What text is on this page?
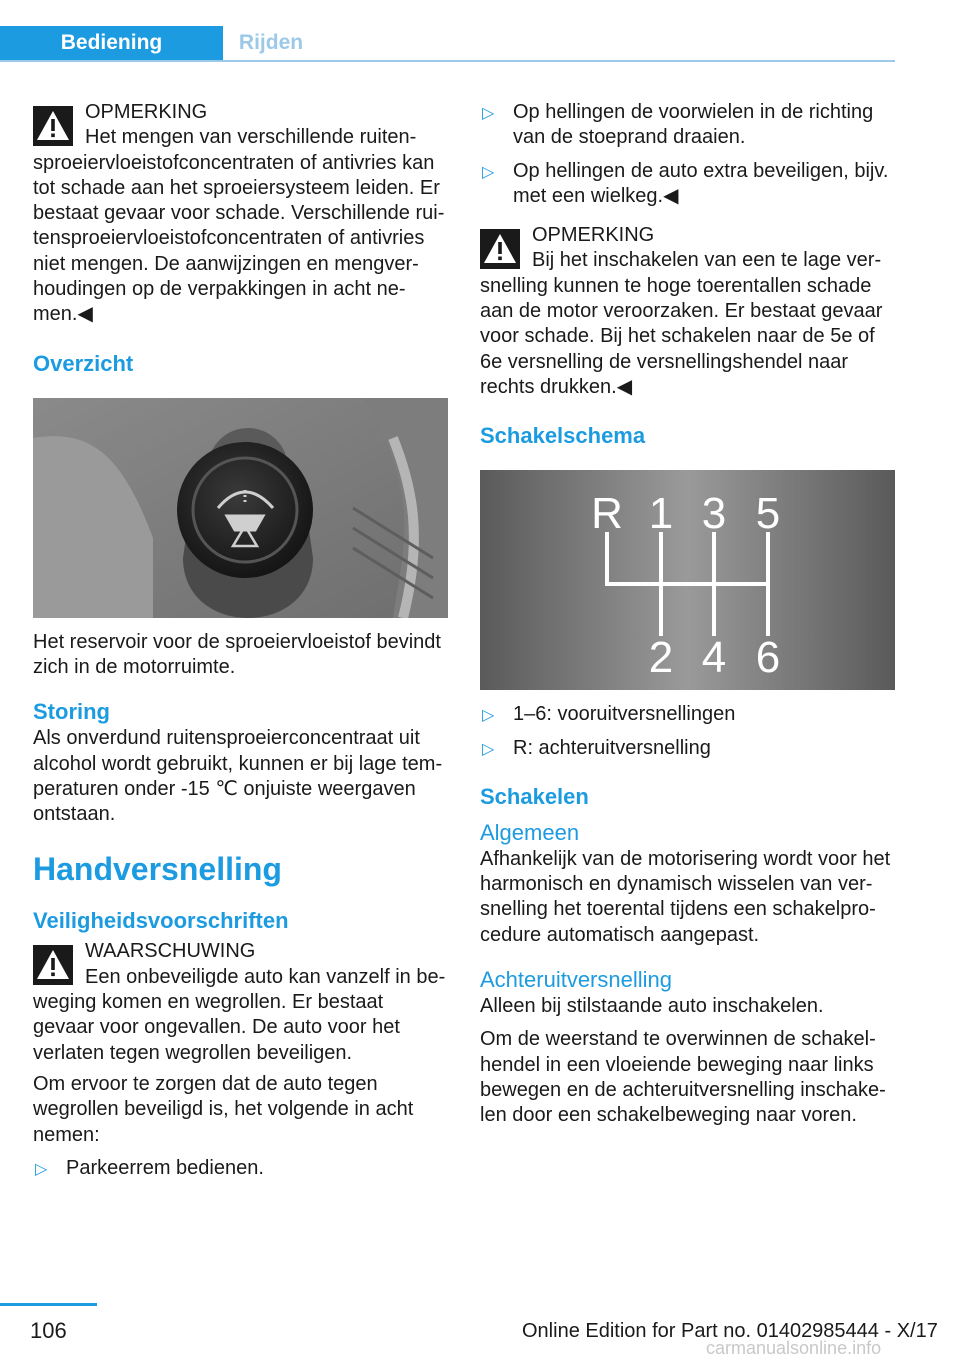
Bediening	Rijden
OPMERKING
Het mengen van verschillende ruitensproeiervloeistofconcentraten of antivries kan tot schade aan het sproeiersysteem leiden. Er bestaat gevaar voor schade. Verschillende ruitensproeiervloeistofconcentraten of antivries niet mengen. De aanwijzingen en mengverhoudingen op de verpakkingen in acht nemen.◀
Overzicht

Het reservoir voor de sproeiervloeistof bevindt zich in de motorruimte.

Storing

Als onverdund ruitensproeierconcentraat uit alcohol wordt gebruikt, kunnen er bij lage temperaturen onder -15 ℃ onjuiste weergaven ontstaan.

Handversnelling
Veiligheidsvoorschriften
WAARSCHUWING
Een onbeveiligde auto kan vanzelf in beweging komen en wegrollen. Er bestaat gevaar voor ongevallen. De auto voor het verlaten tegen wegrollen beveiligen.

Om ervoor te zorgen dat de auto tegen wegrollen beveiligd is, het volgende in acht nemen:

▷ Parkeerrem bedienen.
▷ Op hellingen de voorwielen in de richting van de stoeprand draaien.
▷ Op hellingen de auto extra beveiligen, bijv. met een wielkeg.◀
OPMERKING
Bij het inschakelen van een te lage versnelling kunnen te hoge toerentallen schade aan de motor veroorzaken. Er bestaat gevaar voor schade. Bij het schakelen naar de 5e of 6e versnelling de versnellingshendel naar rechts drukken.◀
Schakelschema
R 1 3 5
2 4 6
▷ 1–6: vooruitversnellingen
▷ R: achteruitversnelling
Schakelen
Algemeen

Afhankelijk van de motorisering wordt voor het harmonisch en dynamisch wisselen van versnelling het toerental tijdens een schakelprocedure automatisch aangepast.

Achteruitversnelling

Alleen bij stilstaande auto inschakelen.

Om de weerstand te overwinnen de schakelhendel in een vloeiende beweging naar links bewegen en de achteruitversnelling inschakelen door een schakelbeweging naar voren.

106	Online Edition for Part no. 01402985444 - X/17
carmanualsonline.info
